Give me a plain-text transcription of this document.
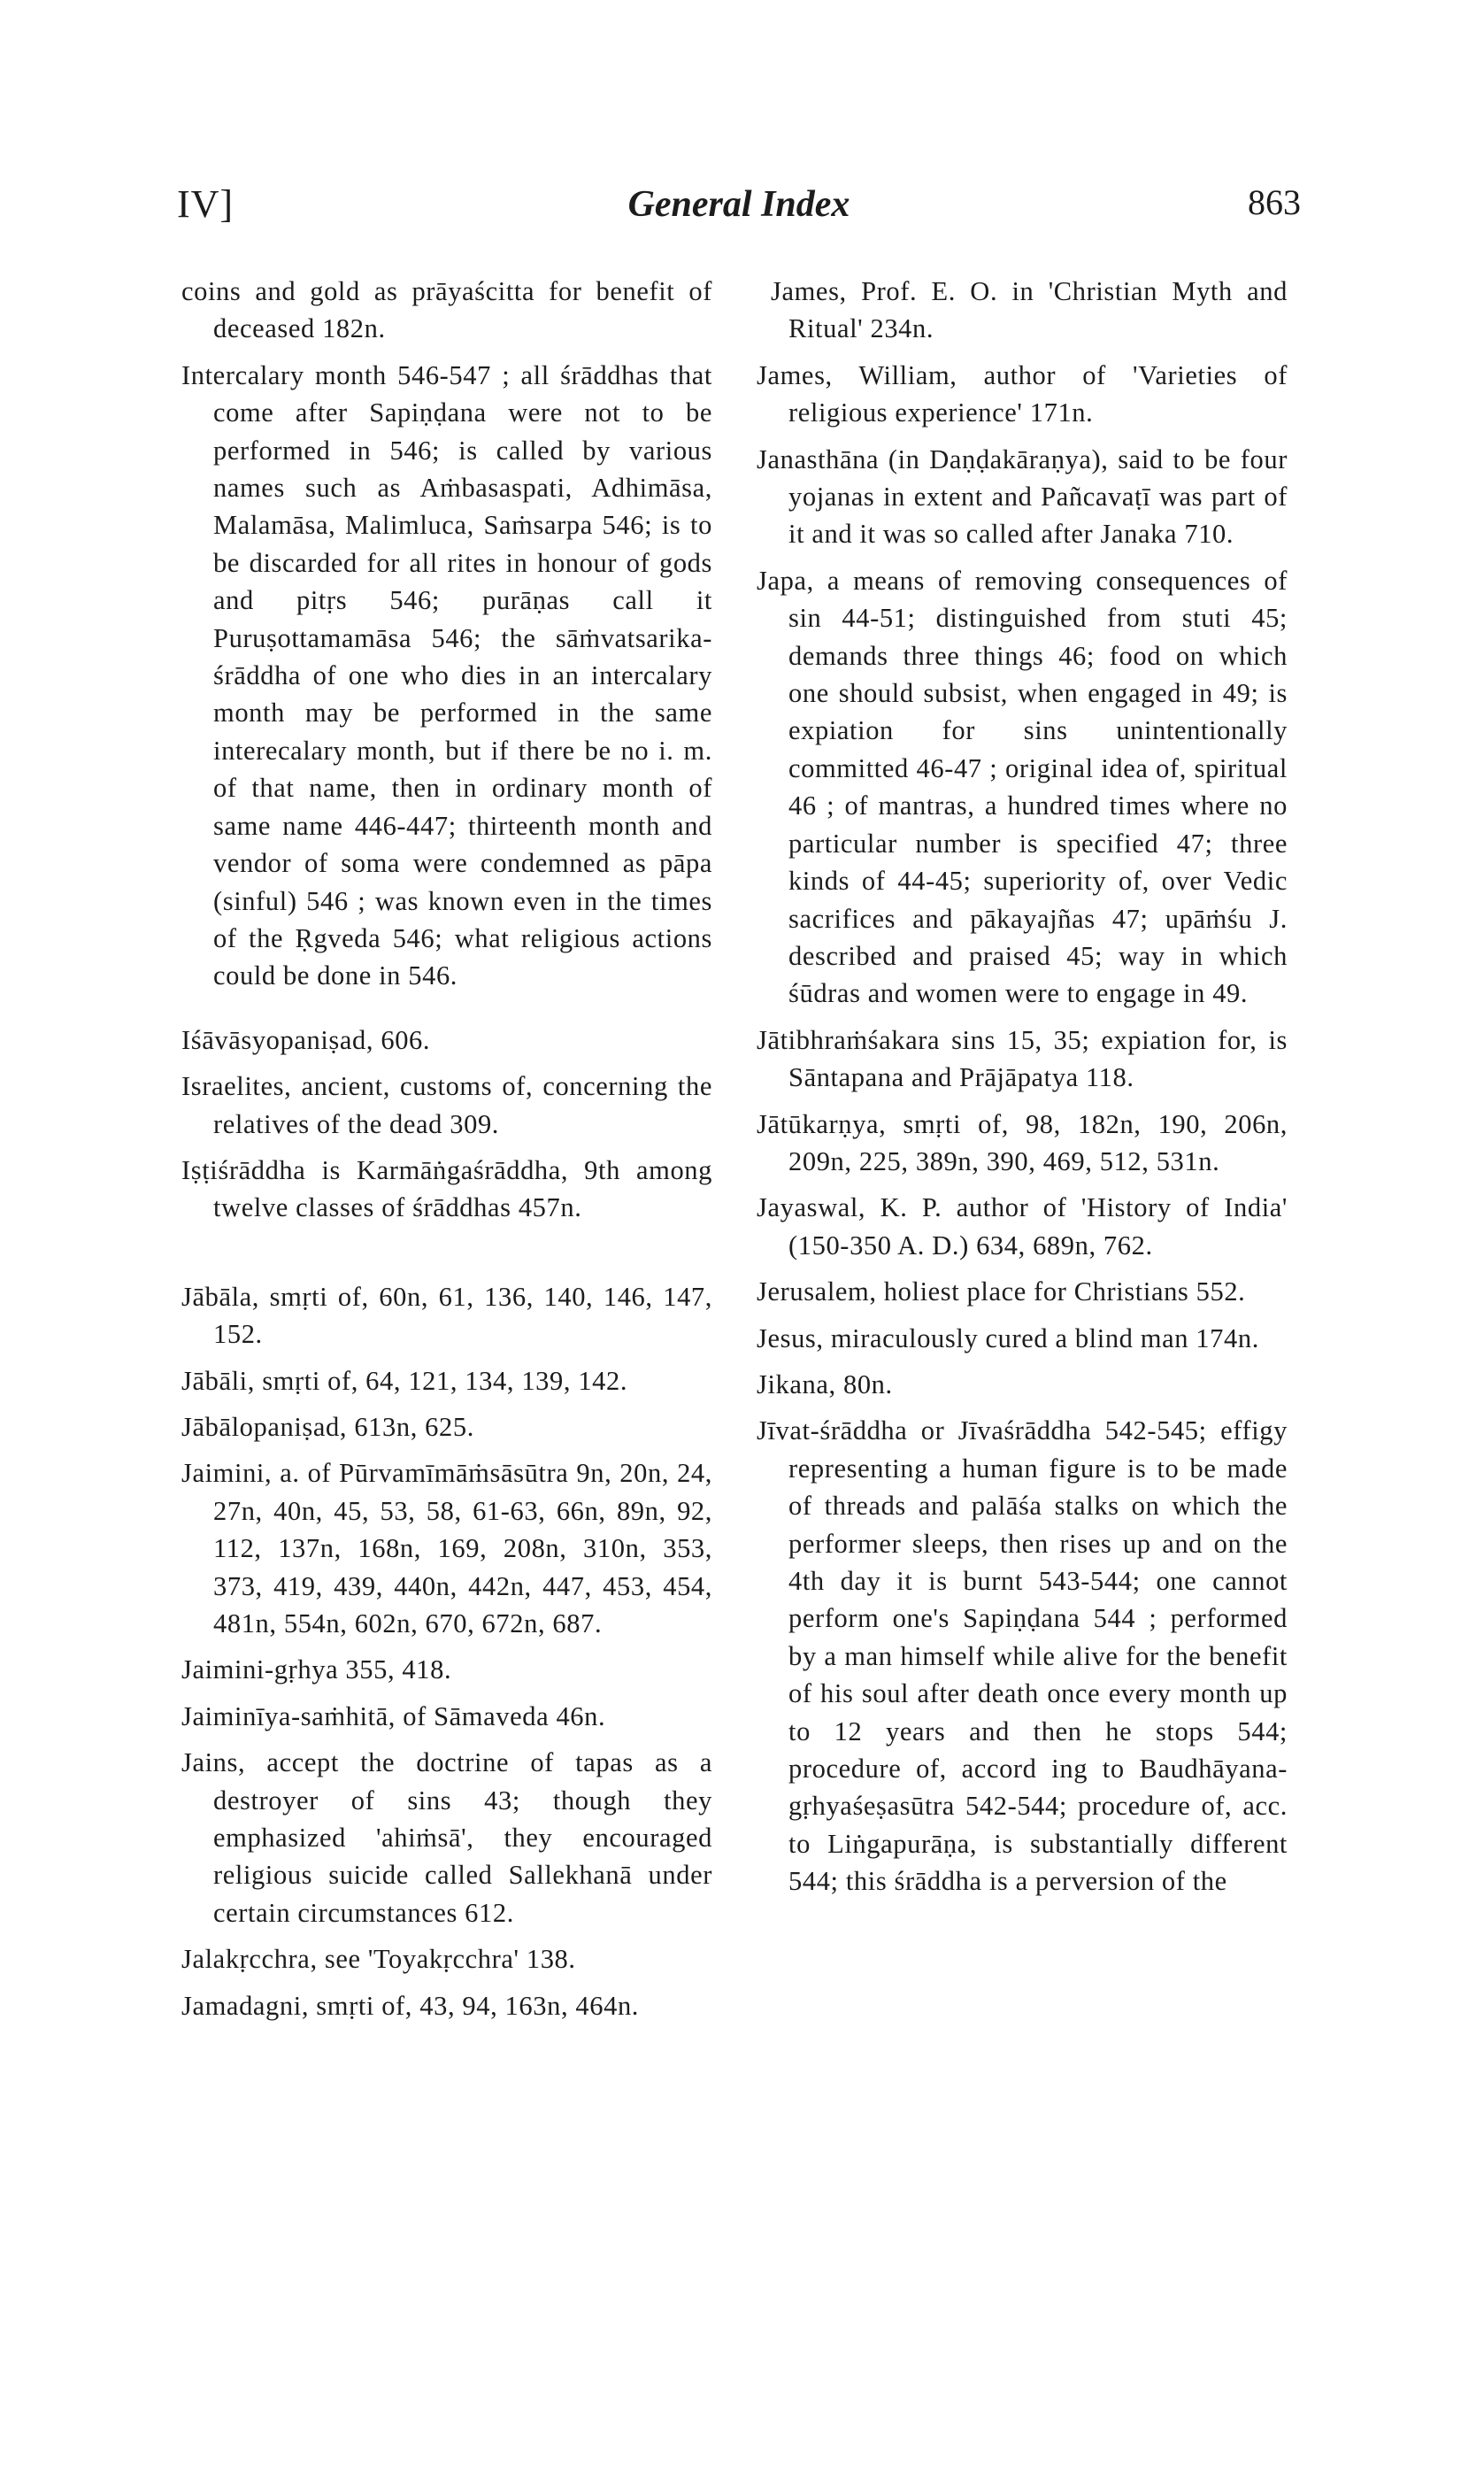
IV]	General Index	863

coins and gold as prāyaścitta for benefit of deceased 182n.

Intercalary month 546-547 ; all śrāddhas that come after Sapiṇḍana were not to be performed in 546; is called by various names such as Aṁbasaspati, Adhimāsa, Malamāsa, Malimluca, Saṁsarpa 546; is to be discarded for all rites in honour of gods and pitṛs 546; purāṇas call it Puruṣottamamāsa 546; the sāṁvatsarika-śrāddha of one who dies in an intercalary month may be performed in the same interecalary month, but if there be no i. m. of that name, then in ordinary month of same name 446-447; thirteenth month and vendor of soma were condemned as pāpa (sinful) 546 ; was known even in the times of the Ṛgveda 546; what religious actions could be done in 546.

Iśāvāsyopaniṣad, 606.

Israelites, ancient, customs of, concerning the relatives of the dead 309.

Iṣṭiśrāddha is Karmāṅgaśrāddha, 9th among twelve classes of śrāddhas 457n.

Jābāla, smṛti of, 60n, 61, 136, 140, 146, 147, 152.

Jābāli, smṛti of, 64, 121, 134, 139, 142.

Jābālopaniṣad, 613n, 625.

Jaimini, a. of Pūrvamīmāṁsāsūtra 9n, 20n, 24, 27n, 40n, 45, 53, 58, 61-63, 66n, 89n, 92, 112, 137n, 168n, 169, 208n, 310n, 353, 373, 419, 439, 440n, 442n, 447, 453, 454, 481n, 554n, 602n, 670, 672n, 687.

Jaimini-gṛhya 355, 418.

Jaiminīya-saṁhitā, of Sāmaveda 46n.

Jains, accept the doctrine of tapas as a destroyer of sins 43; though they emphasized 'ahiṁsā', they encouraged religious suicide called Sallekhanā under certain circumstances 612.

Jalakṛcchra, see 'Toyakṛcchra' 138.

Jamadagni, smṛti of, 43, 94, 163n, 464n.

James, Prof. E. O. in 'Christian Myth and Ritual' 234n.

James, William, author of 'Varieties of religious experience' 171n.

Janasthāna (in Daṇḍakāraṇya), said to be four yojanas in extent and Pañcavaṭī was part of it and it was so called after Janaka 710.

Japa, a means of removing consequences of sin 44-51; distinguished from stuti 45; demands three things 46; food on which one should subsist, when engaged in 49; is expiation for sins unintentionally committed 46-47 ; original idea of, spiritual 46 ; of mantras, a hundred times where no particular number is specified 47; three kinds of 44-45; superiority of, over Vedic sacrifices and pākayajñas 47; upāṁśu J. described and praised 45; way in which śūdras and women were to engage in 49.

Jātibhraṁśakara sins 15, 35; expiation for, is Sāntapana and Prājāpatya 118.

Jātūkarṇya, smṛti of, 98, 182n, 190, 206n, 209n, 225, 389n, 390, 469, 512, 531n.

Jayaswal, K. P. author of 'History of India' (150-350 A. D.) 634, 689n, 762.

Jerusalem, holiest place for Christians 552.

Jesus, miraculously cured a blind man 174n.

Jikana, 80n.

Jīvat-śrāddha or Jīvaśrāddha 542-545; effigy representing a human figure is to be made of threads and palāśa stalks on which the performer sleeps, then rises up and on the 4th day it is burnt 543-544; one cannot perform one's Sapiṇḍana 544 ; performed by a man himself while alive for the benefit of his soul after death once every month up to 12 years and then he stops 544; procedure of, accord ing to Baudhāyana-gṛhyaśeṣasūtra 542-544; procedure of, acc. to Liṅgapurāṇa, is substantially different 544; this śrāddha is a perversion of the
